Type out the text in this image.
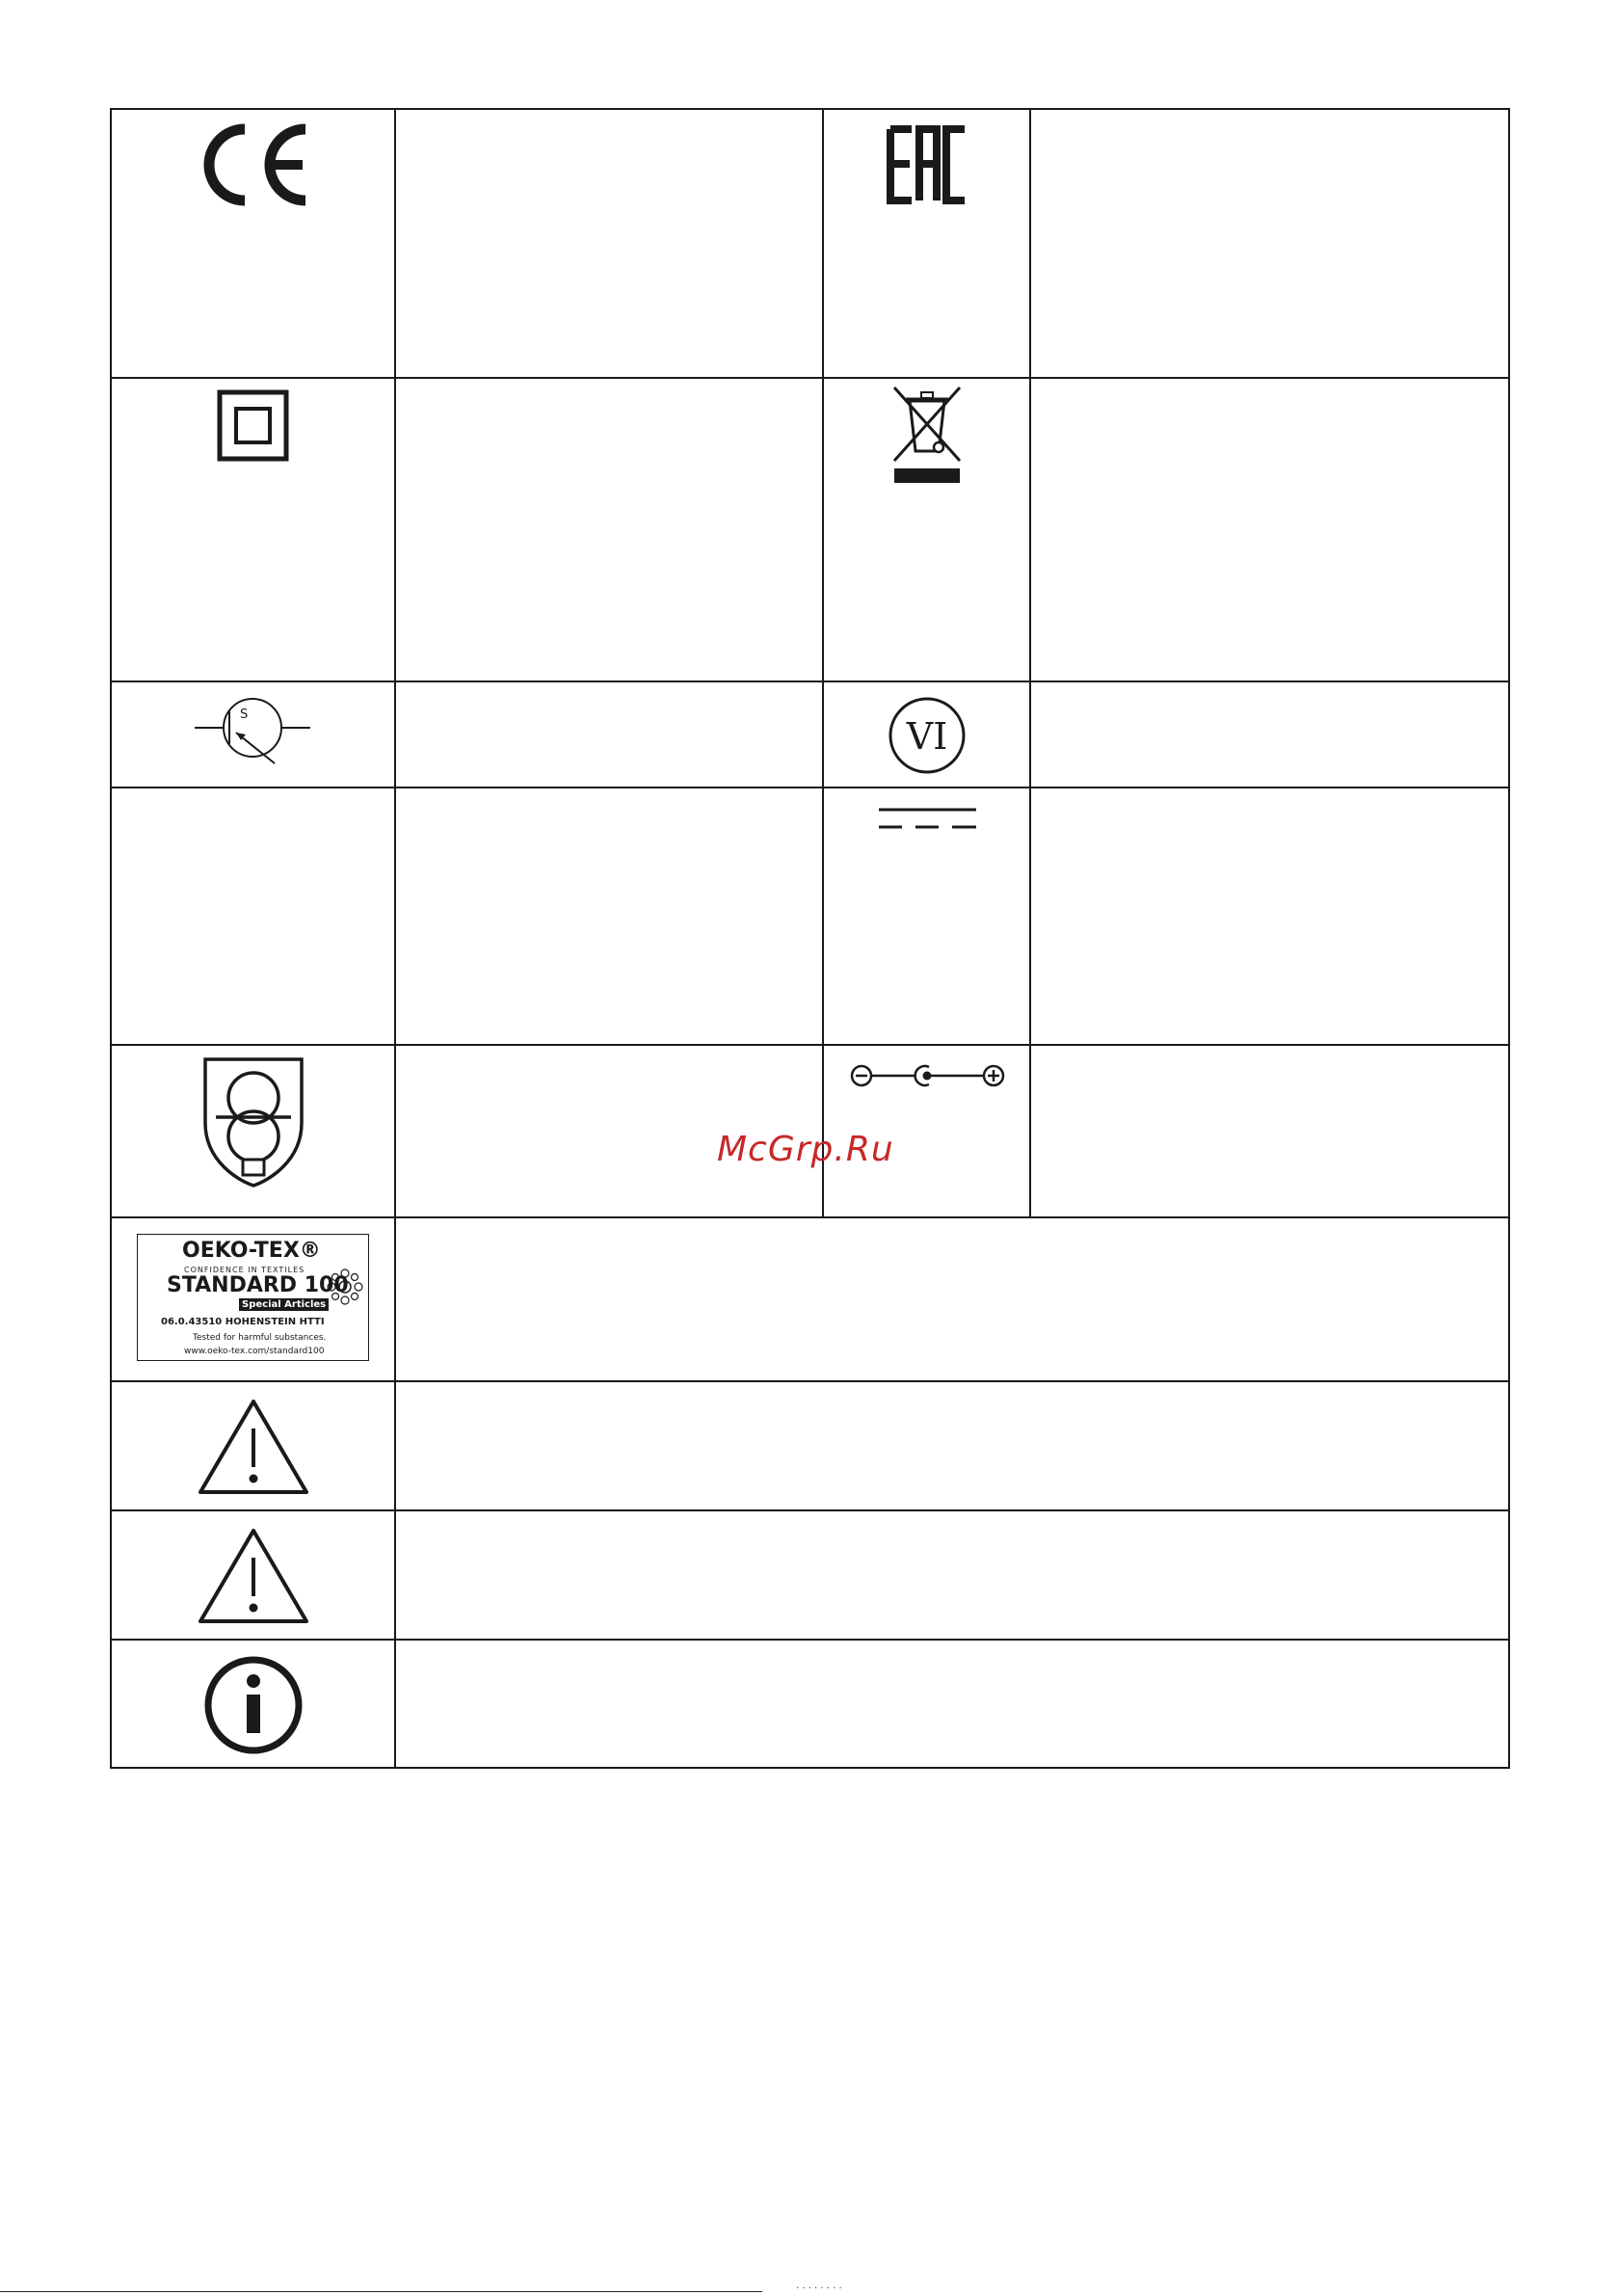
S
VI
OEKO-TEX®
CONFIDENCE IN TEXTILES
STANDARD 100
Special Articles
06.0.43510 HOHENSTEIN HTTI
Tested for harmful substances.
www.oeko-tex.com/standard100
McGrp.Ru
· · · · · · · ·
